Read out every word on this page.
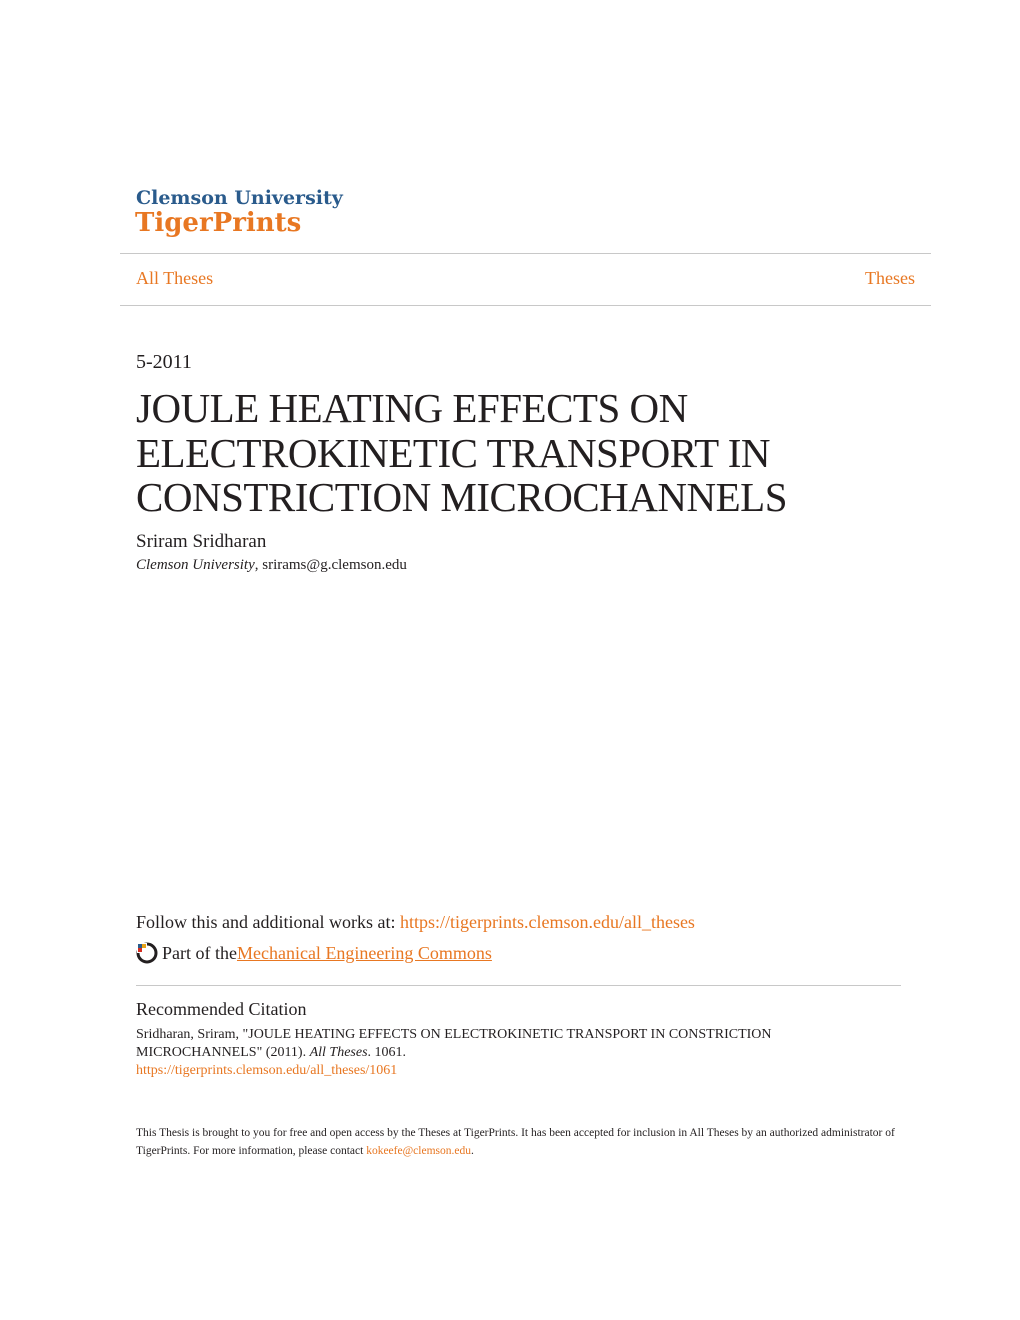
Clemson University
TigerPrints
All Theses	Theses
5-2011
JOULE HEATING EFFECTS ON ELECTROKINETIC TRANSPORT IN CONSTRICTION MICROCHANNELS
Sriram Sridharan
Clemson University, srirams@g.clemson.edu
Follow this and additional works at: https://tigerprints.clemson.edu/all_theses
Part of the Mechanical Engineering Commons
Recommended Citation
Sridharan, Sriram, "JOULE HEATING EFFECTS ON ELECTROKINETIC TRANSPORT IN CONSTRICTION MICROCHANNELS" (2011). All Theses. 1061.
https://tigerprints.clemson.edu/all_theses/1061
This Thesis is brought to you for free and open access by the Theses at TigerPrints. It has been accepted for inclusion in All Theses by an authorized administrator of TigerPrints. For more information, please contact kokeefe@clemson.edu.
